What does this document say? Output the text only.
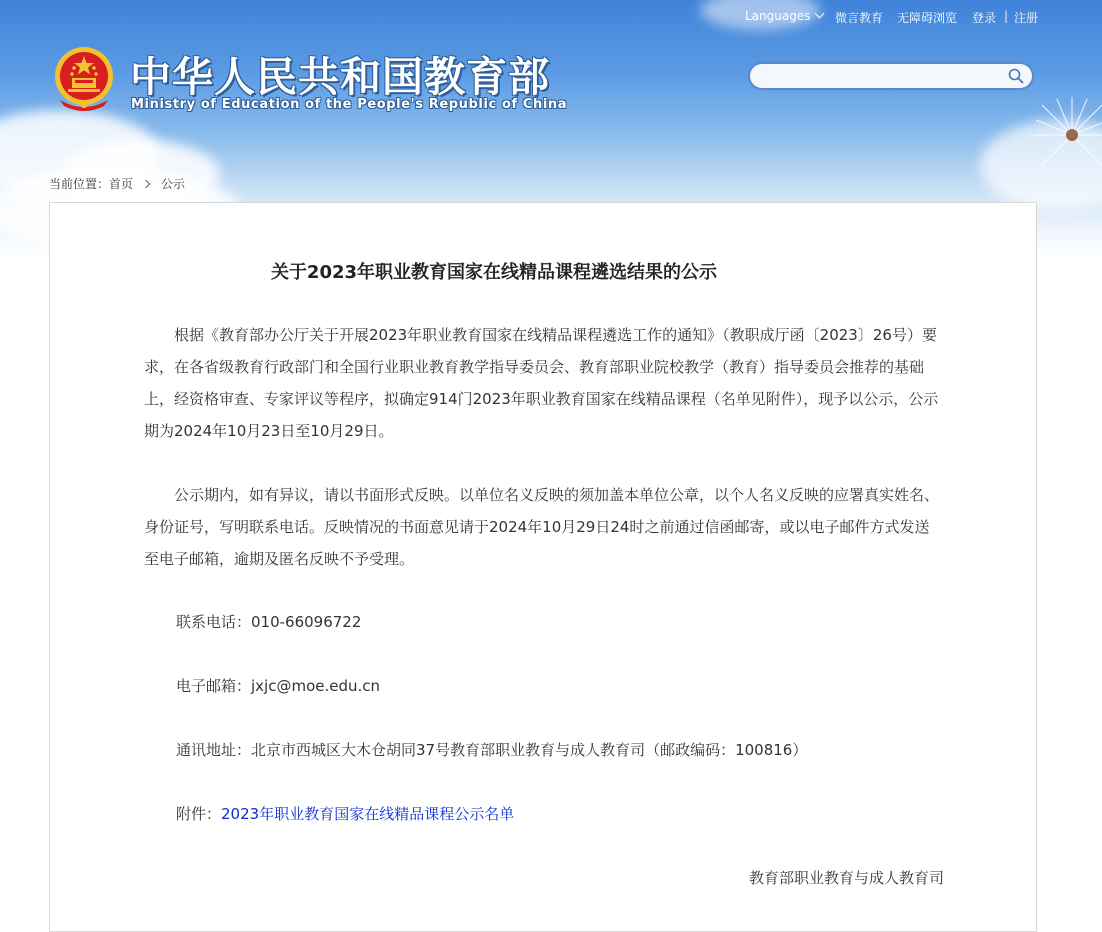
Languages	微言教育 无障碍浏览 登录 | 注册
中华人民共和国教育部
Ministry of Education of the People's Republic of China
当前位置：首页 公示
关于2023年职业教育国家在线精品课程遴选结果的公示

根据《教育部办公厅关于开展2023年职业教育国家在线精品课程遴选工作的通知》（教职成厅函〔2023〕26号）要求，在各省级教育行政部门和全国行业职业教育教学指导委员会、教育部职业院校教学（教育）指导委员会推荐的基础上，经资格审查、专家评议等程序，拟确定914门2023年职业教育国家在线精品课程（名单见附件），现予以公示，公示期为2024年10月23日至10月29日。

公示期内，如有异议，请以书面形式反映。以单位名义反映的须加盖本单位公章，以个人名义反映的应署真实姓名、身份证号，写明联系电话。反映情况的书面意见请于2024年10月29日24时之前通过信函邮寄，或以电子邮件方式发送至电子邮箱，逾期及匿名反映不予受理。

联系电话：010-66096722
电子邮箱：jxjc@moe.edu.cn
通讯地址：北京市西城区大木仓胡同37号教育部职业教育与成人教育司（邮政编码：100816）
附件：2023年职业教育国家在线精品课程公示名单
教育部职业教育与成人教育司
